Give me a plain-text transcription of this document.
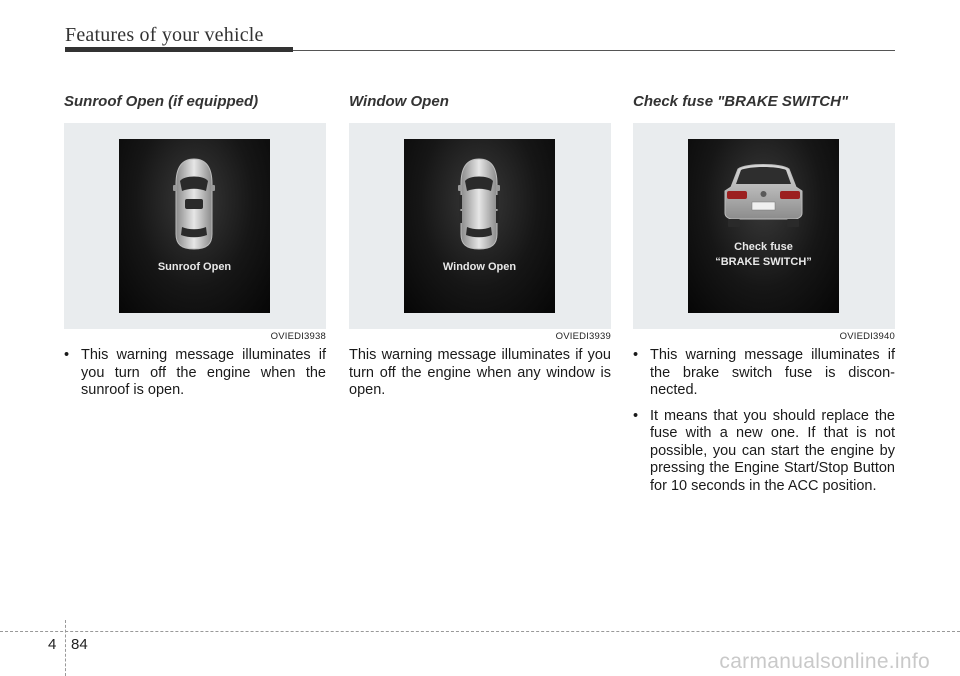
Features of your vehicle
Sunroof Open (if equipped)
Sunroof Open
OVIEDI3938
• This warning message illuminates if you turn off the engine when the sunroof is open.
Window Open
Window Open
OVIEDI3939
This warning message illuminates if you turn off the engine when any window is open.
Check fuse "BRAKE SWITCH"
Check fuse
“BRAKE SWITCH”
OVIEDI3940
• This warning message illuminates if the brake switch fuse is discon-nected.
• It means that you should replace the fuse with a new one. If that is not possible, you can start the engine by pressing the Engine Start/Stop Button for 10 seconds in the ACC position.
4 84
carmanualsonline.info
